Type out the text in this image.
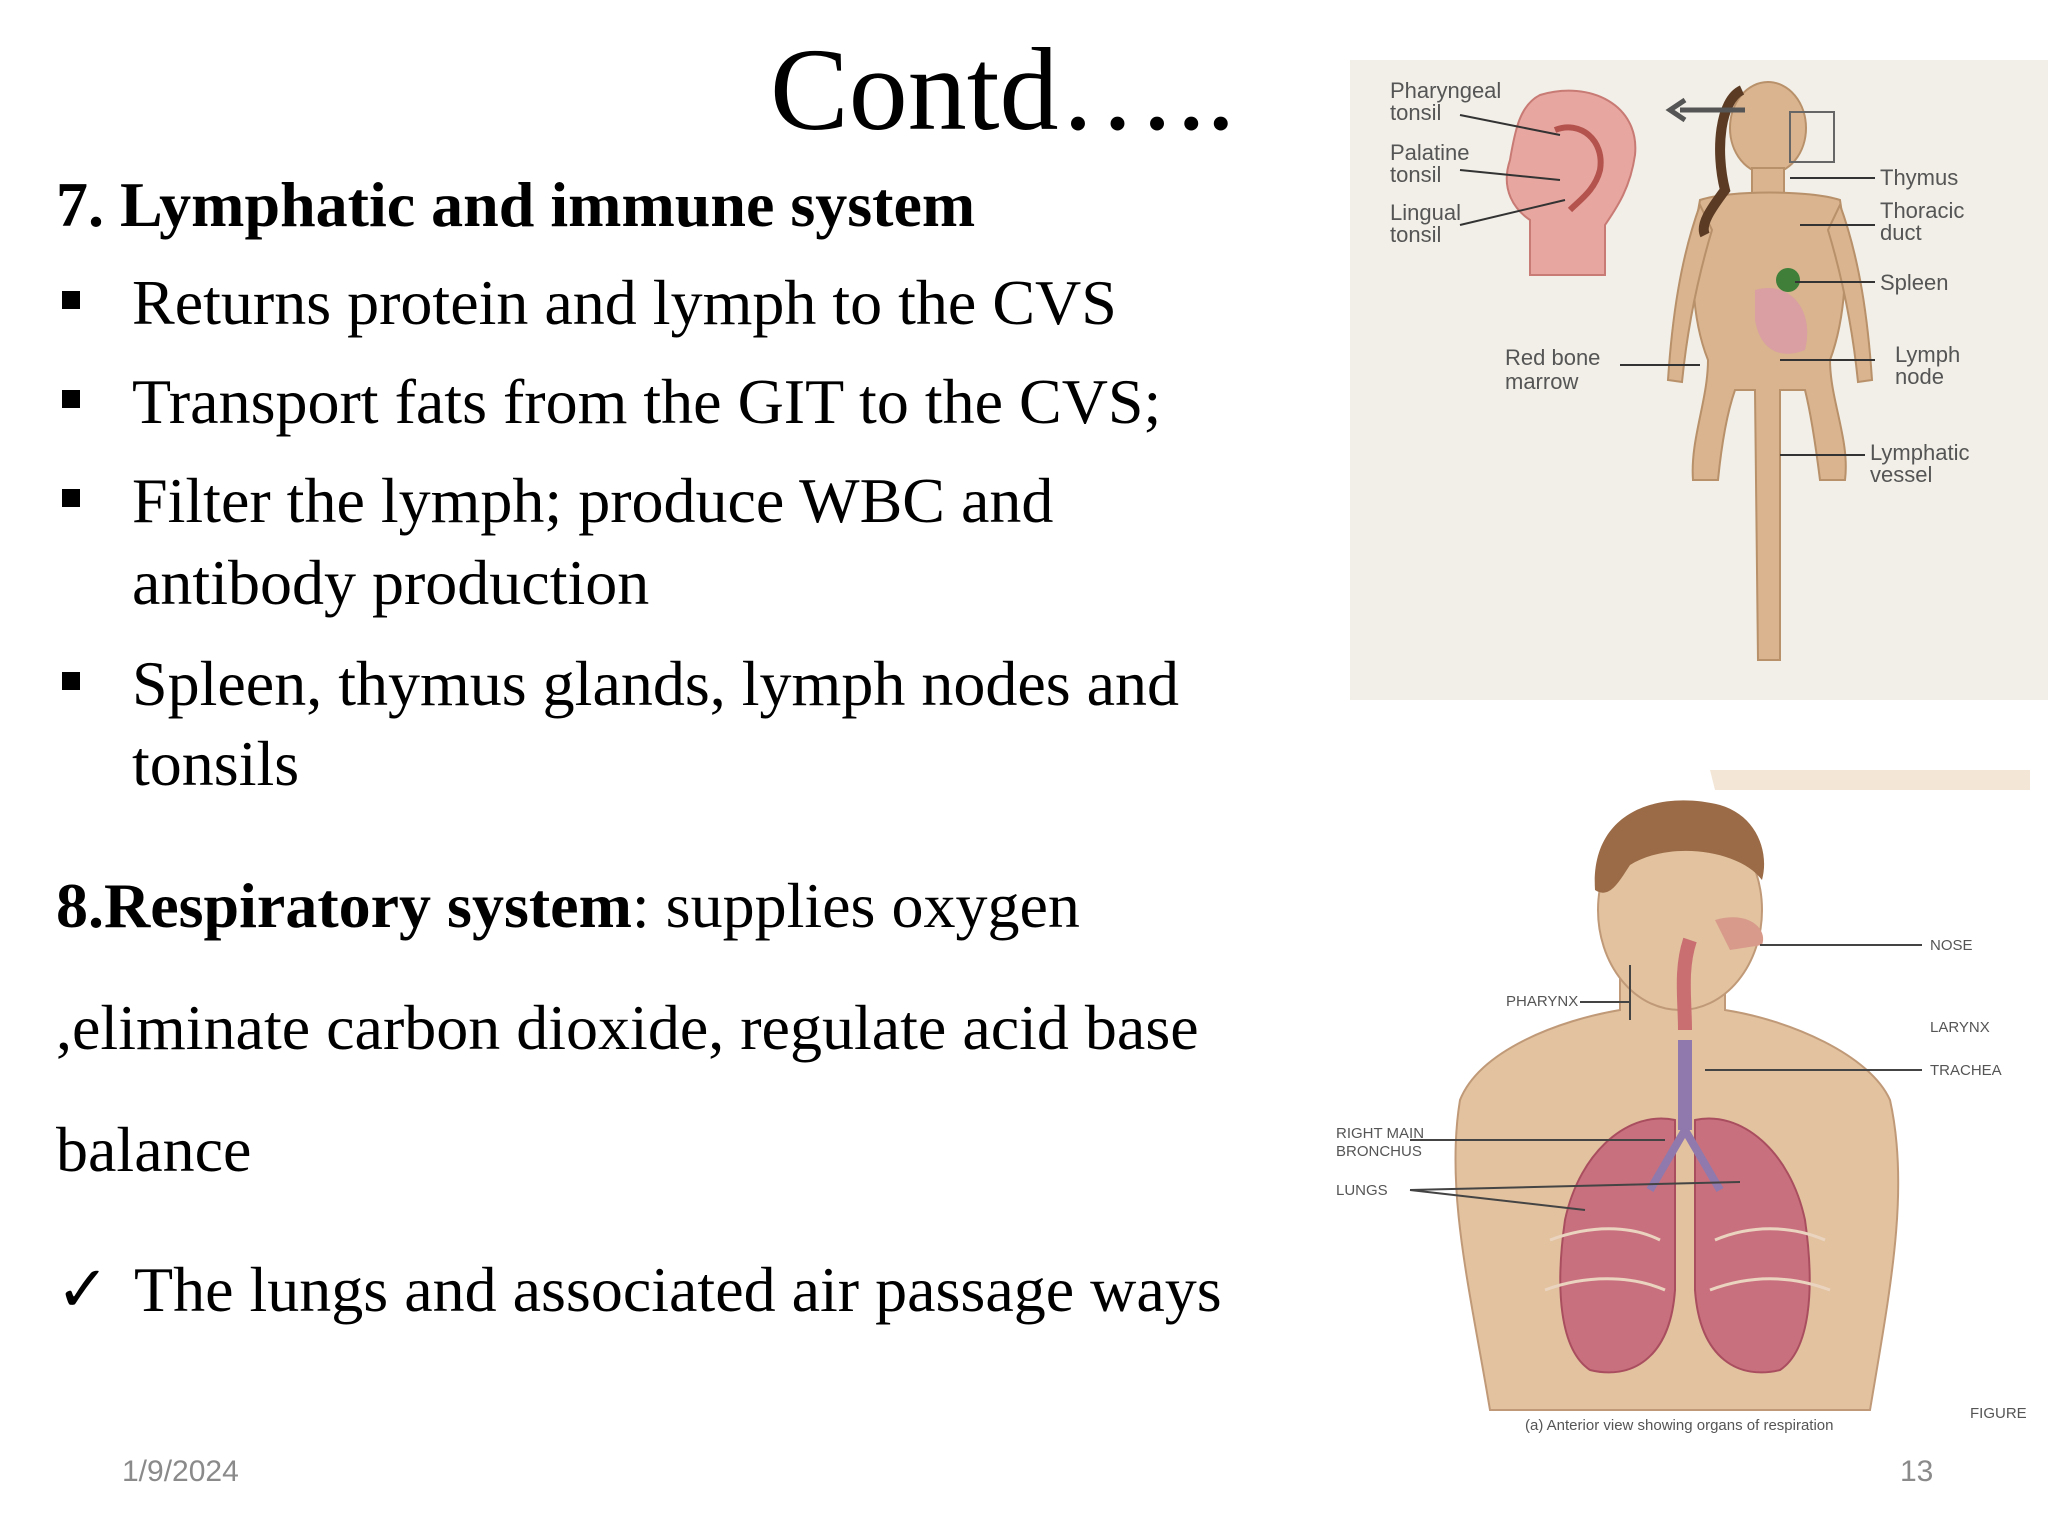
Contd…..
7. Lymphatic and immune system
Returns protein and lymph to the CVS
Transport fats from the GIT to the CVS;
Filter the lymph; produce WBC and
antibody production
Spleen, thymus glands, lymph nodes and
tonsils
8.Respiratory system: supplies oxygen
,eliminate carbon dioxide, regulate acid base
balance
✓ The lungs and associated air passage ways
1/9/2024	13
Pharyngeal tonsil
Palatine tonsil
Lingual tonsil
Thymus
Thoracic duct
Spleen
Red bone marrow
Lymph node
Lymphatic vessel
NOSE
PHARYNX
LARYNX
TRACHEA
RIGHT MAIN BRONCHUS
LUNGS
(a) Anterior view showing organs of respiration
FIGURE
